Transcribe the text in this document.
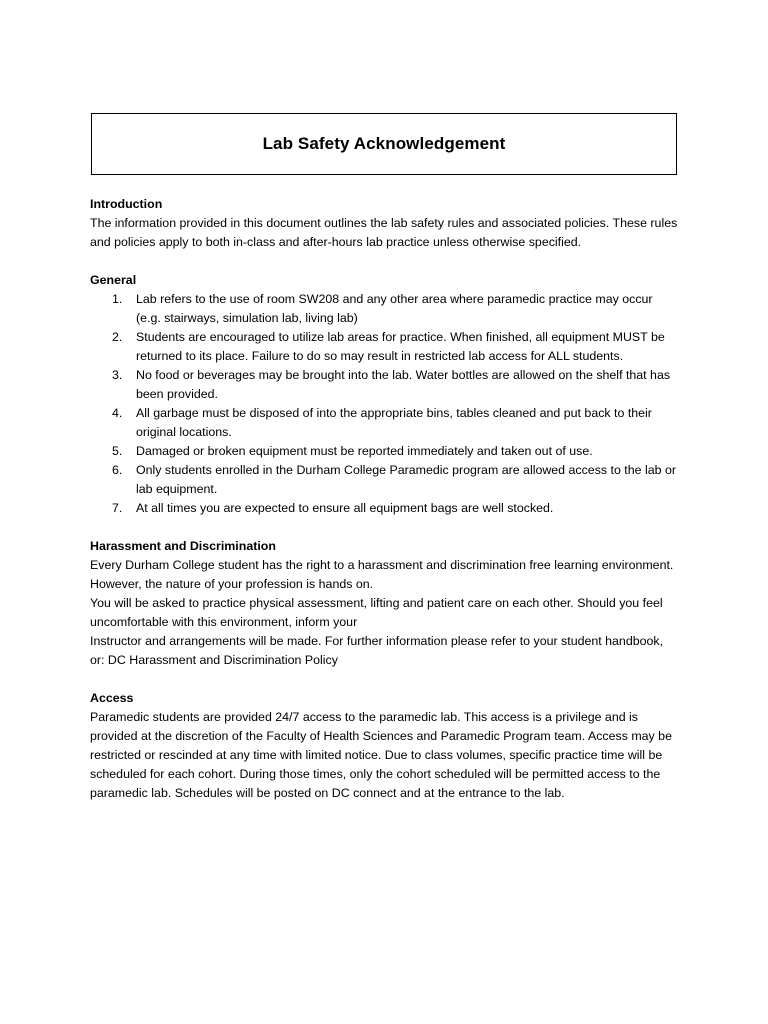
Lab Safety Acknowledgement
Introduction

The information provided in this document outlines the lab safety rules and associated policies. These rules and policies apply to both in-class and after-hours lab practice unless otherwise specified.

General
1. Lab refers to the use of room SW208 and any other area where paramedic practice may occur (e.g. stairways, simulation lab, living lab)
2. Students are encouraged to utilize lab areas for practice. When finished, all equipment MUST be returned to its place. Failure to do so may result in restricted lab access for ALL students.
3. No food or beverages may be brought into the lab. Water bottles are allowed on the shelf that has been provided.
4. All garbage must be disposed of into the appropriate bins, tables cleaned and put back to their original locations.
5. Damaged or broken equipment must be reported immediately and taken out of use.
6. Only students enrolled in the Durham College Paramedic program are allowed access to the lab or lab equipment.
7. At all times you are expected to ensure all equipment bags are well stocked.
Harassment and Discrimination

Every Durham College student has the right to a harassment and discrimination free learning environment. However, the nature of your profession is hands on.

You will be asked to practice physical assessment, lifting and patient care on each other. Should you feel uncomfortable with this environment, inform your

Instructor and arrangements will be made. For further information please refer to your student handbook, or: DC Harassment and Discrimination Policy

Access

Paramedic students are provided 24/7 access to the paramedic lab. This access is a privilege and is provided at the discretion of the Faculty of Health Sciences and Paramedic Program team. Access may be restricted or rescinded at any time with limited notice. Due to class volumes, specific practice time will be scheduled for each cohort. During those times, only the cohort scheduled will be permitted access to the paramedic lab. Schedules will be posted on DC connect and at the entrance to the lab.
